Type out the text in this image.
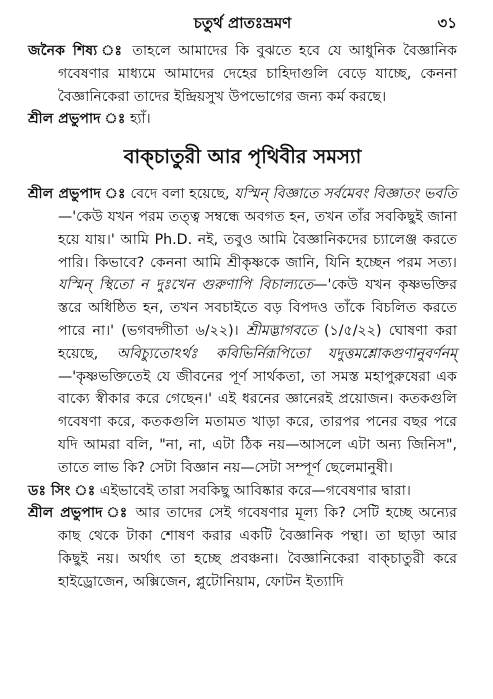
চতুর্থ প্রাতঃভ্রমণ	৩১

জনৈক শিষ্য ঃ তাহলে আমাদের কি বুঝতে হবে যে আধুনিক বৈজ্ঞানিক গবেষণার মাধ্যমে আমাদের দেহের চাহিদাগুলি বেড়ে যাচ্ছে, কেননা বৈজ্ঞানিকেরা তাদের ইন্দ্রিয়সুখ উপভোগের জন্য কর্ম করছে।

শ্রীল প্রভুপাদ ঃ হ্যাঁ।

বাক্‌চাতুরী আর পৃথিবীর সমস্যা

শ্রীল প্রভুপাদ ঃ বেদে বলা হয়েছে, যস্মিন্ বিজ্ঞাতে সর্বমেবং বিজ্ঞাতং ভবতি—'কেউ যখন পরম তত্ত্ব সম্বন্ধে অবগত হন, তখন তাঁর সবকিছুই জানা হয়ে যায়।' আমি Ph.D. নই, তবুও আমি বৈজ্ঞানিকদের চ্যালেঞ্জ করতে পারি। কিভাবে? কেননা আমি শ্রীকৃষ্ণকে জানি, যিনি হচ্ছেন পরম সত্য। যস্মিন্ স্থিতো ন দুঃখেন গুরুণাপি বিচাল্যতে—'কেউ যখন কৃষ্ণভক্তির স্তরে অধিষ্ঠিত হন, তখন সবচাইতে বড় বিপদও তাঁকে বিচলিত করতে পারে না।' (ভগবদ্গীতা ৬/২২)। শ্রীমদ্ভাগবতে (১/৫/২২) ঘোষণা করা হয়েছে, অবিচ্যুতোঽর্থঃ কবিভির্নিরূপিতো যদুত্তমশ্লোকগুণানুবর্ণনম্—'কৃষ্ণভক্তিতেই যে জীবনের পূর্ণ সার্থকতা, তা সমস্ত মহাপুরুষেরা এক বাক্যে স্বীকার করে গেছেন।' এই ধরনের জ্ঞানেরই প্রয়োজন। কতকগুলি গবেষণা করে, কতকগুলি মতামত খাড়া করে, তারপর পনের বছর পরে যদি আমরা বলি, "না, না, এটা ঠিক নয়—আসলে এটা অন্য জিনিস", তাতে লাভ কি? সেটা বিজ্ঞান নয়—সেটা সম্পূর্ণ ছেলেমানুষী।

ডঃ সিং ঃ এইভাবেই তারা সবকিছু আবিষ্কার করে—গবেষণার দ্বারা।

শ্রীল প্রভুপাদ ঃ আর তাদের সেই গবেষণার মূল্য কি? সেটি হচ্ছে অন্যের কাছ থেকে টাকা শোষণ করার একটি বৈজ্ঞানিক পন্থা। তা ছাড়া আর কিছুই নয়। অর্থাৎ তা হচ্ছে প্রবঞ্চনা। বৈজ্ঞানিকেরা বাক্‌চাতুরী করে হাইড্রোজেন, অক্সিজেন, প্লুটোনিয়াম, ফোটন ইত্যাদি
